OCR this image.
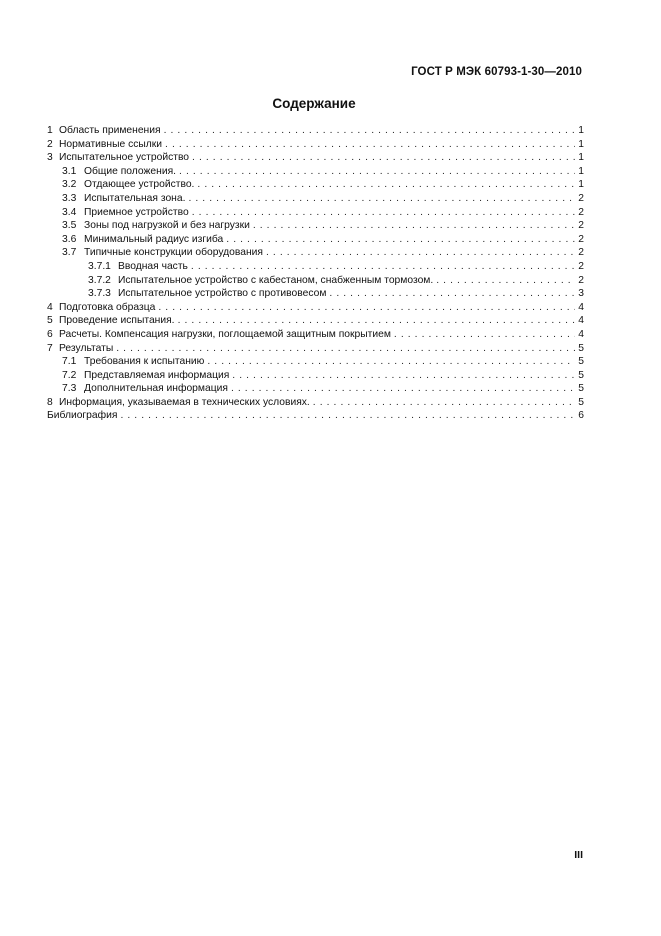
ГОСТ Р МЭК 60793-1-30—2010
Содержание
1 Область применения . . .	1
2 Нормативные ссылки . . .	1
3 Испытательное устройство . . .	1
3.1 Общие положения. . . .	1
3.2 Отдающее устройство. . . .	1
3.3 Испытательная зона. . . .	2
3.4 Приемное устройство . . .	2
3.5 Зоны под нагрузкой и без нагрузки . . .	2
3.6 Минимальный радиус изгиба . . .	2
3.7 Типичные конструкции оборудования . . .	2
3.7.1 Вводная часть . . .	2
3.7.2 Испытательное устройство с кабестаном, снабженным тормозом. . . .	2
3.7.3 Испытательное устройство с противовесом . . .	3
4 Подготовка образца . . .	4
5 Проведение испытания. . . .	4
6 Расчеты. Компенсация нагрузки, поглощаемой защитным покрытием . . .	4
7 Результаты . . .	5
7.1 Требования к испытанию . . .	5
7.2 Представляемая информация . . .	5
7.3 Дополнительная информация . . .	5
8 Информация, указываемая в технических условиях. . . .	5
Библиография . . .	6
III
